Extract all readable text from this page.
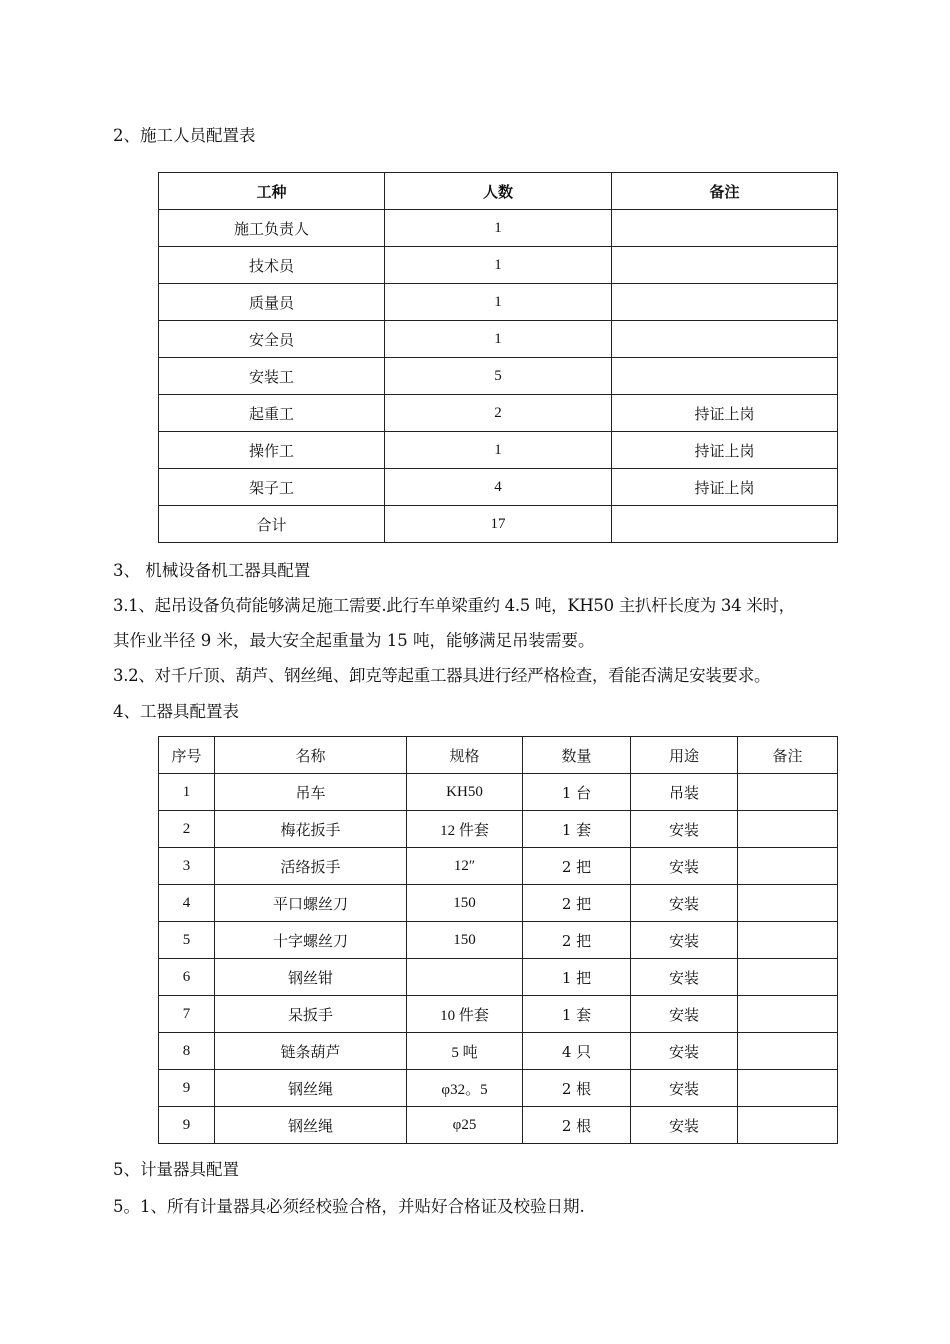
2、施工人员配置表
工种	人数	备注
施工负责人	1	
技术员	1	
质量员	1	
安全员	1	
安装工	5	
起重工	2	持证上岗
操作工	1	持证上岗
架子工	4	持证上岗
合计	17	
3、 机械设备机工器具配置
3.1、起吊设备负荷能够满足施工需要.此行车单梁重约 4.5 吨，KH50 主扒杆长度为 34 米时，
其作业半径 9 米，最大安全起重量为 15 吨，能够满足吊装需要。
3.2、对千斤顶、葫芦、钢丝绳、卸克等起重工器具进行经严格检查，看能否满足安装要求。
4、工器具配置表
序号	名称	规格	数量	用途	备注
1	吊车	KH50	1 台	吊装	
2	梅花扳手	12 件套	1 套	安装	
3	活络扳手	12″	2 把	安装	
4	平口螺丝刀	150	2 把	安装	
5	十字螺丝刀	150	2 把	安装	
6	钢丝钳		1 把	安装	
7	呆扳手	10 件套	1 套	安装	
8	链条葫芦	5 吨	4 只	安装	
9	钢丝绳	φ32。5	2 根	安装	
9	钢丝绳	φ25	2 根	安装	
5、计量器具配置
5。1、所有计量器具必须经校验合格，并贴好合格证及校验日期.
